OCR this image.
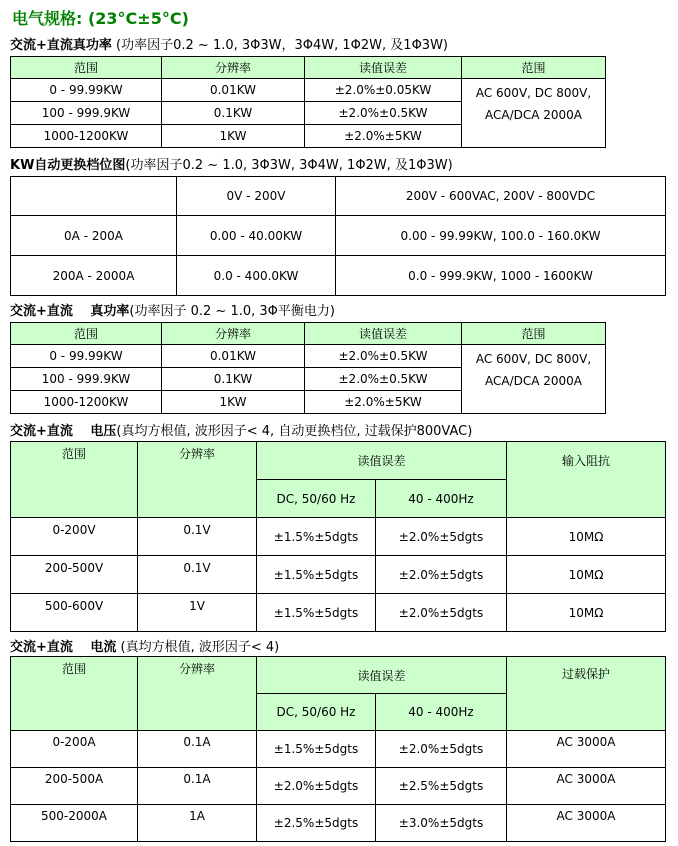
电气规格: (23°C±5°C)
交流+直流真功率 (功率因子0.2 ~ 1.0, 3Φ3W，3Φ4W, 1Φ2W, 及1Φ3W)
范围	分辨率	读值误差	范围
0 - 99.99KW	0.01KW	±2.0%±0.05KW	AC 600V, DC 800V,
ACA/DCA 2000A

100 - 999.9KW	0.1KW	±2.0%±0.5KW	
1000-1200KW	1KW	±2.0%±5KW	
KW自动更换档位图(功率因子0.2 ~ 1.0, 3Φ3W, 3Φ4W, 1Φ2W, 及1Φ3W)
	0V - 200V	200V - 600VAC, 200V - 800VDC
0A - 200A	0.00 - 40.00KW	0.00 - 99.99KW, 100.0 - 160.0KW
200A - 2000A	0.0 - 400.0KW	0.0 - 999.9KW, 1000 - 1600KW
交流+直流　 真功率(功率因子 0.2 ~ 1.0, 3Φ平衡电力)
范围	分辨率	读值误差	范围
0 - 99.99KW	0.01KW	±2.0%±0.5KW	AC 600V, DC 800V,
ACA/DCA 2000A

100 - 999.9KW	0.1KW	±2.0%±0.5KW	
1000-1200KW	1KW	±2.0%±5KW	
交流+直流　 电压(真均方根值, 波形因子< 4, 自动更换档位, 过载保护800VAC)
范围	分辨率	读值误差		输入阻抗
		DC, 50/60 Hz	40 - 400Hz	
0-200V	0.1V	±1.5%±5dgts	±2.0%±5dgts	10MΩ
200-500V	0.1V	±1.5%±5dgts	±2.0%±5dgts	10MΩ
500-600V	1V	±1.5%±5dgts	±2.0%±5dgts	10MΩ
交流+直流　 电流 (真均方根值, 波形因子< 4)
范围	分辨率	读值误差		过载保护
		DC, 50/60 Hz	40 - 400Hz	
0-200A	0.1A	±1.5%±5dgts	±2.0%±5dgts	AC 3000A
200-500A	0.1A	±2.0%±5dgts	±2.5%±5dgts	AC 3000A
500-2000A	1A	±2.5%±5dgts	±3.0%±5dgts	AC 3000A
